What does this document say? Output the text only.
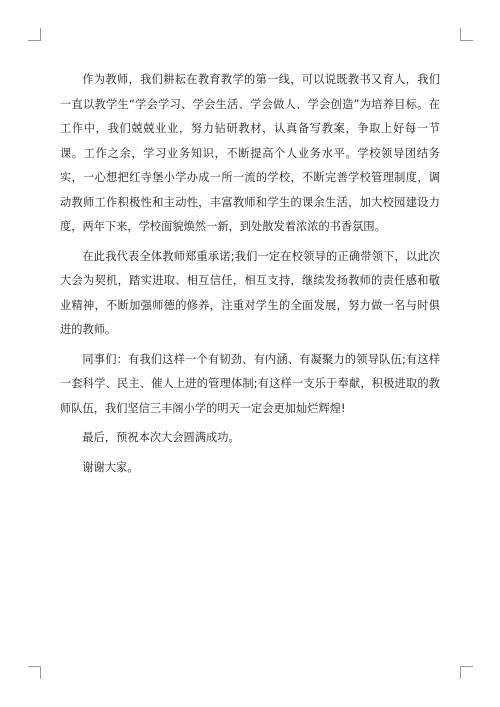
作为教师，我们耕耘在教育教学的第一线，可以说既教书又育人，我们一直以教学生“学会学习、学会生活、学会做人、学会创造”为培养目标。在工作中，我们兢兢业业，努力钻研教材，认真备写教案，争取上好每一节课。工作之余，学习业务知识，不断提高个人业务水平。学校领导团结务实，一心想把红寺堡小学办成一所一流的学校，不断完善学校管理制度，调动教师工作积极性和主动性，丰富教师和学生的课余生活，加大校园建设力度，两年下来，学校面貌焕然一新，到处散发着浓浓的书香氛围。

在此我代表全体教师郑重承诺;我们一定在校领导的正确带领下，以此次大会为契机，踏实进取、相互信任，相互支持，继续发扬教师的责任感和敬业精神，不断加强师德的修养，注重对学生的全面发展，努力做一名与时俱进的教师。

同事们：有我们这样一个有韧劲、有内涵、有凝聚力的领导队伍;有这样一套科学、民主、催人上进的管理体制;有这样一支乐于奉献，积极进取的教师队伍，我们坚信三丰阁小学的明天一定会更加灿烂辉煌!

最后，预祝本次大会圆满成功。

谢谢大家。
